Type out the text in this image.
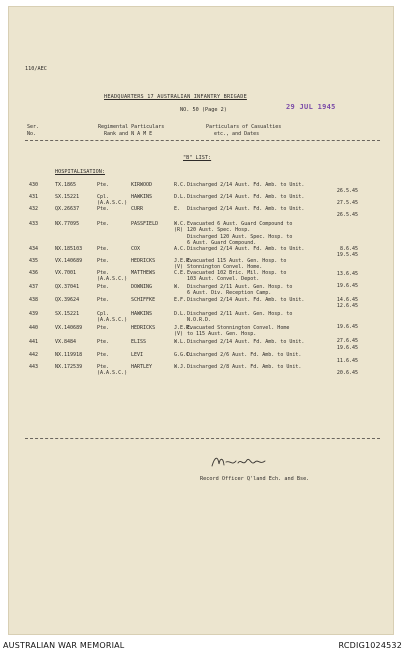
110/AEC
HEADQUARTERS 17 AUSTRALIAN INFANTRY BRIGADE
NO. 50 (Page 2)	29 JUL 1945
Ser.
No.
Regimental Particulars
Rank and N A M E
Particulars of Casualties
etc., and Dates
"B" LIST:
HOSPITALISATION:
430	TX.1865	Pte.	KIRWOOD	R.C. Discharged 2/14 Aust. Fd. Amb. to Unit.
26.5.45
431	SX.15221	Cpl.
(A.A.S.C.)
HAWKINS	D.L. Discharged 2/14 Aust. Fd. Amb. to Unit.
27.5.45
432	QX.26637	Pte.	CURR	E. Discharged 2/14 Aust. Fd. Amb. to Unit.
26.5.45
433	NX.77095	Pte.	PASSFIELD	W.C.
(R)
Evacuated 6 Aust. Guard Compound to
120 Aust. Spec. Hosp.
Discharged 120 Aust. Spec. Hosp. to
6 Aust. Guard Compound.
8.6.45
434	NX.185103	Pte.	COX	A.C. Discharged 2/14 Aust. Fd. Amb. to Unit.
19.5.45
435	VX.140689	Pte.	HEDRICKS	J.E.R.
(V)
Evacuated 115 Aust. Gen. Hosp. to
Stonnington Convel. Home.
13.6.45
436	VX.7001	Pte.
(A.A.S.C.)
MATTHEWS	C.E. Evacuated 102 Bric. Mil. Hosp. to
103 Aust. Convel. Depot.
19.6.45
437	QX.37041	Pte.	DOWNING	W. Discharged 2/11 Aust. Gen. Hosp. to
6 Aust. Div. Reception Camp.
14.6.45
438	QX.39624	Pte.	SCHIFFKE	E.F. Discharged 2/14 Aust. Fd. Amb. to Unit.
12.6.45
439	SX.15221	Cpl.
(A.A.S.C.)
HAWKINS	D.L. Discharged 2/11 Aust. Gen. Hosp. to
N.O.R.D.
19.6.45
440	VX.140689	Pte.	HEDRICKS	J.E.R.
(V)
Evacuated Stonnington Convel. Home
to 115 Aust. Gen. Hosp.
27.6.45
441	VX.8484	Pte.	ELISS	W.L. Discharged 2/14 Aust. Fd. Amb. to Unit.
19.6.45
442	NX.119918	Pte.	LEVI	G.G.C.
Discharged 2/6 Aust. Fd. Amb. to Unit.
11.6.45
443	NX.172539	Pte.
(A.A.S.C.)
HARTLEY	W.J. Discharged 2/8 Aust. Fd. Amb. to Unit.
20.6.45
Record Officer Q'land Ech. and Bse.
AUSTRALIAN WAR MEMORIAL	RCDIG1024532
